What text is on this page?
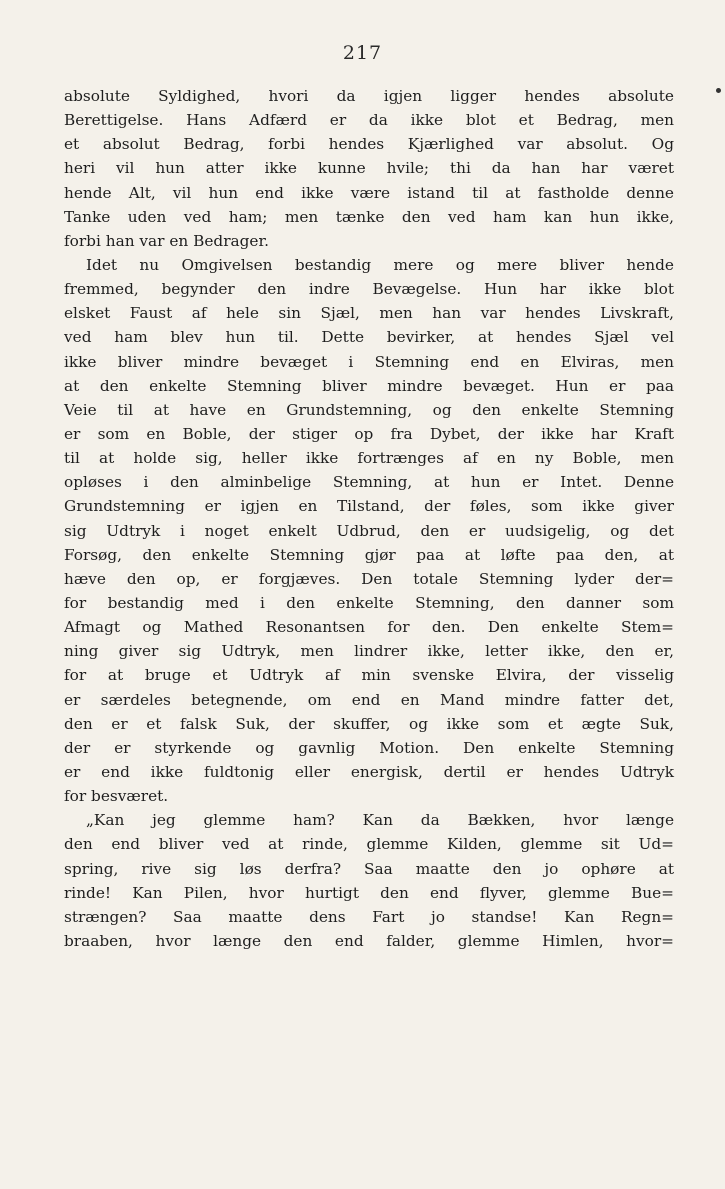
217
absolute Syldighed, hvori da igjen ligger hendes absolute
Berettigelse. Hans Adfærd er da ikke blot et Bedrag, men
et absolut Bedrag, forbi hendes Kjærlighed var absolut. Og
heri vil hun atter ikke kunne hvile; thi da han har været
hende Alt, vil hun end ikke være istand til at fastholde denne
Tanke uden ved ham; men tænke den ved ham kan hun ikke,
forbi han var en Bedrager.
Idet nu Omgivelsen bestandig mere og mere bliver hende
fremmed, begynder den indre Bevægelse. Hun har ikke blot
elsket Faust af hele sin Sjæl, men han var hendes Livskraft,
ved ham blev hun til. Dette bevirker, at hendes Sjæl vel
ikke bliver mindre bevæget i Stemning end en Elviras, men
at den enkelte Stemning bliver mindre bevæget. Hun er paa
Veie til at have en Grundstemning, og den enkelte Stemning
er som en Boble, der stiger op fra Dybet, der ikke har Kraft
til at holde sig, heller ikke fortrænges af en ny Boble, men
opløses i den alminbelige Stemning, at hun er Intet. Denne
Grundstemning er igjen en Tilstand, der føles, som ikke giver
sig Udtryk i noget enkelt Udbrud, den er uudsigelig, og det
Forsøg, den enkelte Stemning gjør paa at løfte paa den, at
hæve den op, er forgjæves. Den totale Stemning lyder der=
for bestandig med i den enkelte Stemning, den danner som
Afmagt og Mathed Resonantsen for den. Den enkelte Stem=
ning giver sig Udtryk, men lindrer ikke, letter ikke, den er,
for at bruge et Udtryk af min svenske Elvira, der visselig
er særdeles betegnende, om end en Mand mindre fatter det,
den er et falsk Suk, der skuffer, og ikke som et ægte Suk,
der er styrkende og gavnlig Motion. Den enkelte Stemning
er end ikke fuldtonig eller energisk, dertil er hendes Udtryk
for besværet.
„Kan jeg glemme ham? Kan da Bækken, hvor længe
den end bliver ved at rinde, glemme Kilden, glemme sit Ud=
spring, rive sig løs derfra? Saa maatte den jo ophøre at
rinde! Kan Pilen, hvor hurtigt den end flyver, glemme Bue=
strængen? Saa maatte dens Fart jo standse! Kan Regn=
braaben, hvor længe den end falder, glemme Himlen, hvor=
